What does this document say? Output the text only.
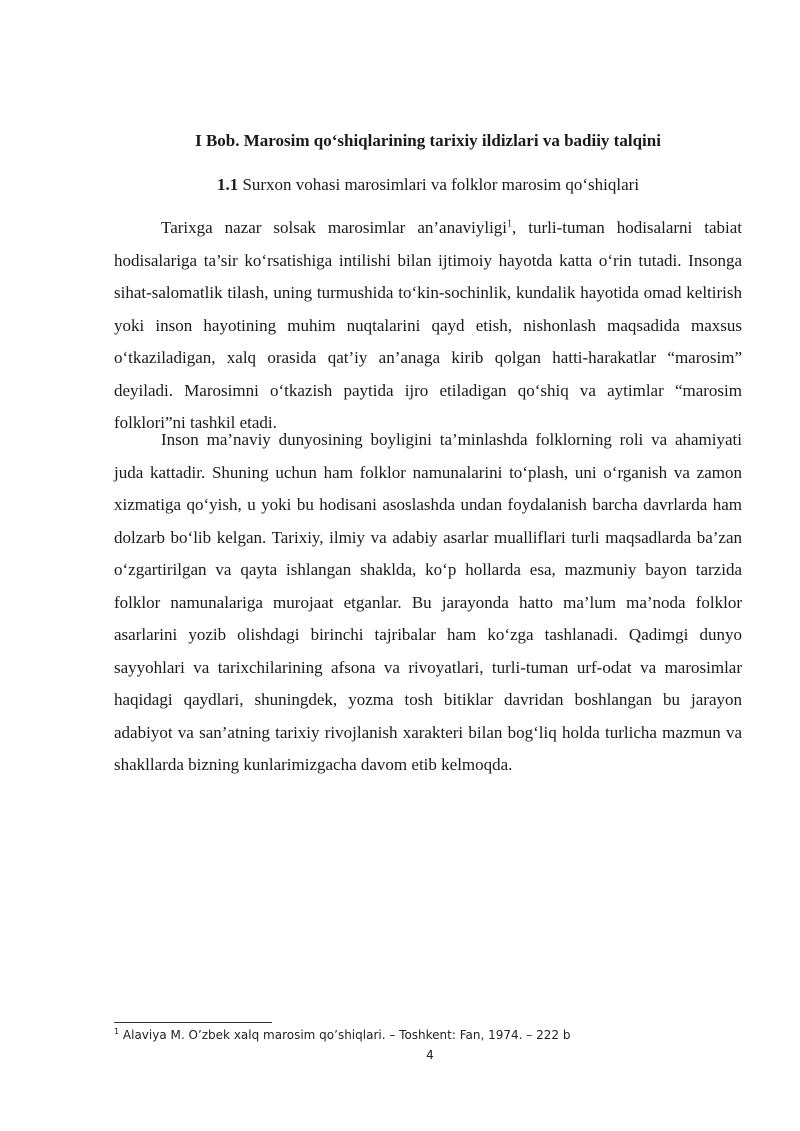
I Bob. Marosim qo‘shiqlarining tarixiy ildizlari va badiiy talqini

1.1 Surxon vohasi marosimlari va folklor marosim qo‘shiqlari

Tarixga nazar solsak marosimlar an’anaviyligi$^1$, turli-tuman hodisalarni tabiat hodisalariga ta’sir ko‘rsatishiga intilishi bilan ijtimoiy hayotda katta o‘rin tutadi. Insonga sihat-salomatlik tilash, uning turmushida to‘kin-sochinlik, kundalik hayotida omad keltirish yoki inson hayotining muhim nuqtalarini qayd etish, nishonlash maqsadida maxsus o‘tkaziladigan, xalq orasida qat’iy an’anaga kirib qolgan hatti-harakatlar “marosim” deyiladi. Marosimni o‘tkazish paytida ijro etiladigan qo‘shiq va aytimlar “marosim folklori”ni tashkil etadi.

Inson ma’naviy dunyosining boyligini ta’minlashda folklorning roli va ahamiyati juda kattadir. Shuning uchun ham folklor namunalarini to‘plash, uni o‘rganish va zamon xizmatiga qo‘yish, u yoki bu hodisani asoslashda undan foydalanish barcha davrlarda ham dolzarb bo‘lib kelgan. Tarixiy, ilmiy va adabiy asarlar mualliflari turli maqsadlarda ba’zan o‘zgartirilgan va qayta ishlangan shaklda, ko‘p hollarda esa, mazmuniy bayon tarzida folklor namunalariga murojaat etganlar. Bu jarayonda hatto ma’lum ma’noda folklor asarlarini yozib olishdagi birinchi tajribalar ham ko‘zga tashlanadi. Qadimgi dunyo sayyohlari va tarixchilarining afsona va rivoyatlari, turli-tuman urf-odat va marosimlar haqidagi qaydlari, shuningdek, yozma tosh bitiklar davridan boshlangan bu jarayon adabiyot va san’atning tarixiy rivojlanish xarakteri bilan bog‘liq holda turlicha mazmun va shakllarda bizning kunlarimizgacha davom etib kelmoqda.

$^1$ Alaviya M. O’zbek xalq marosim qo’shiqlari. – Toshkent: Fan, 1974. – 222 b

4
